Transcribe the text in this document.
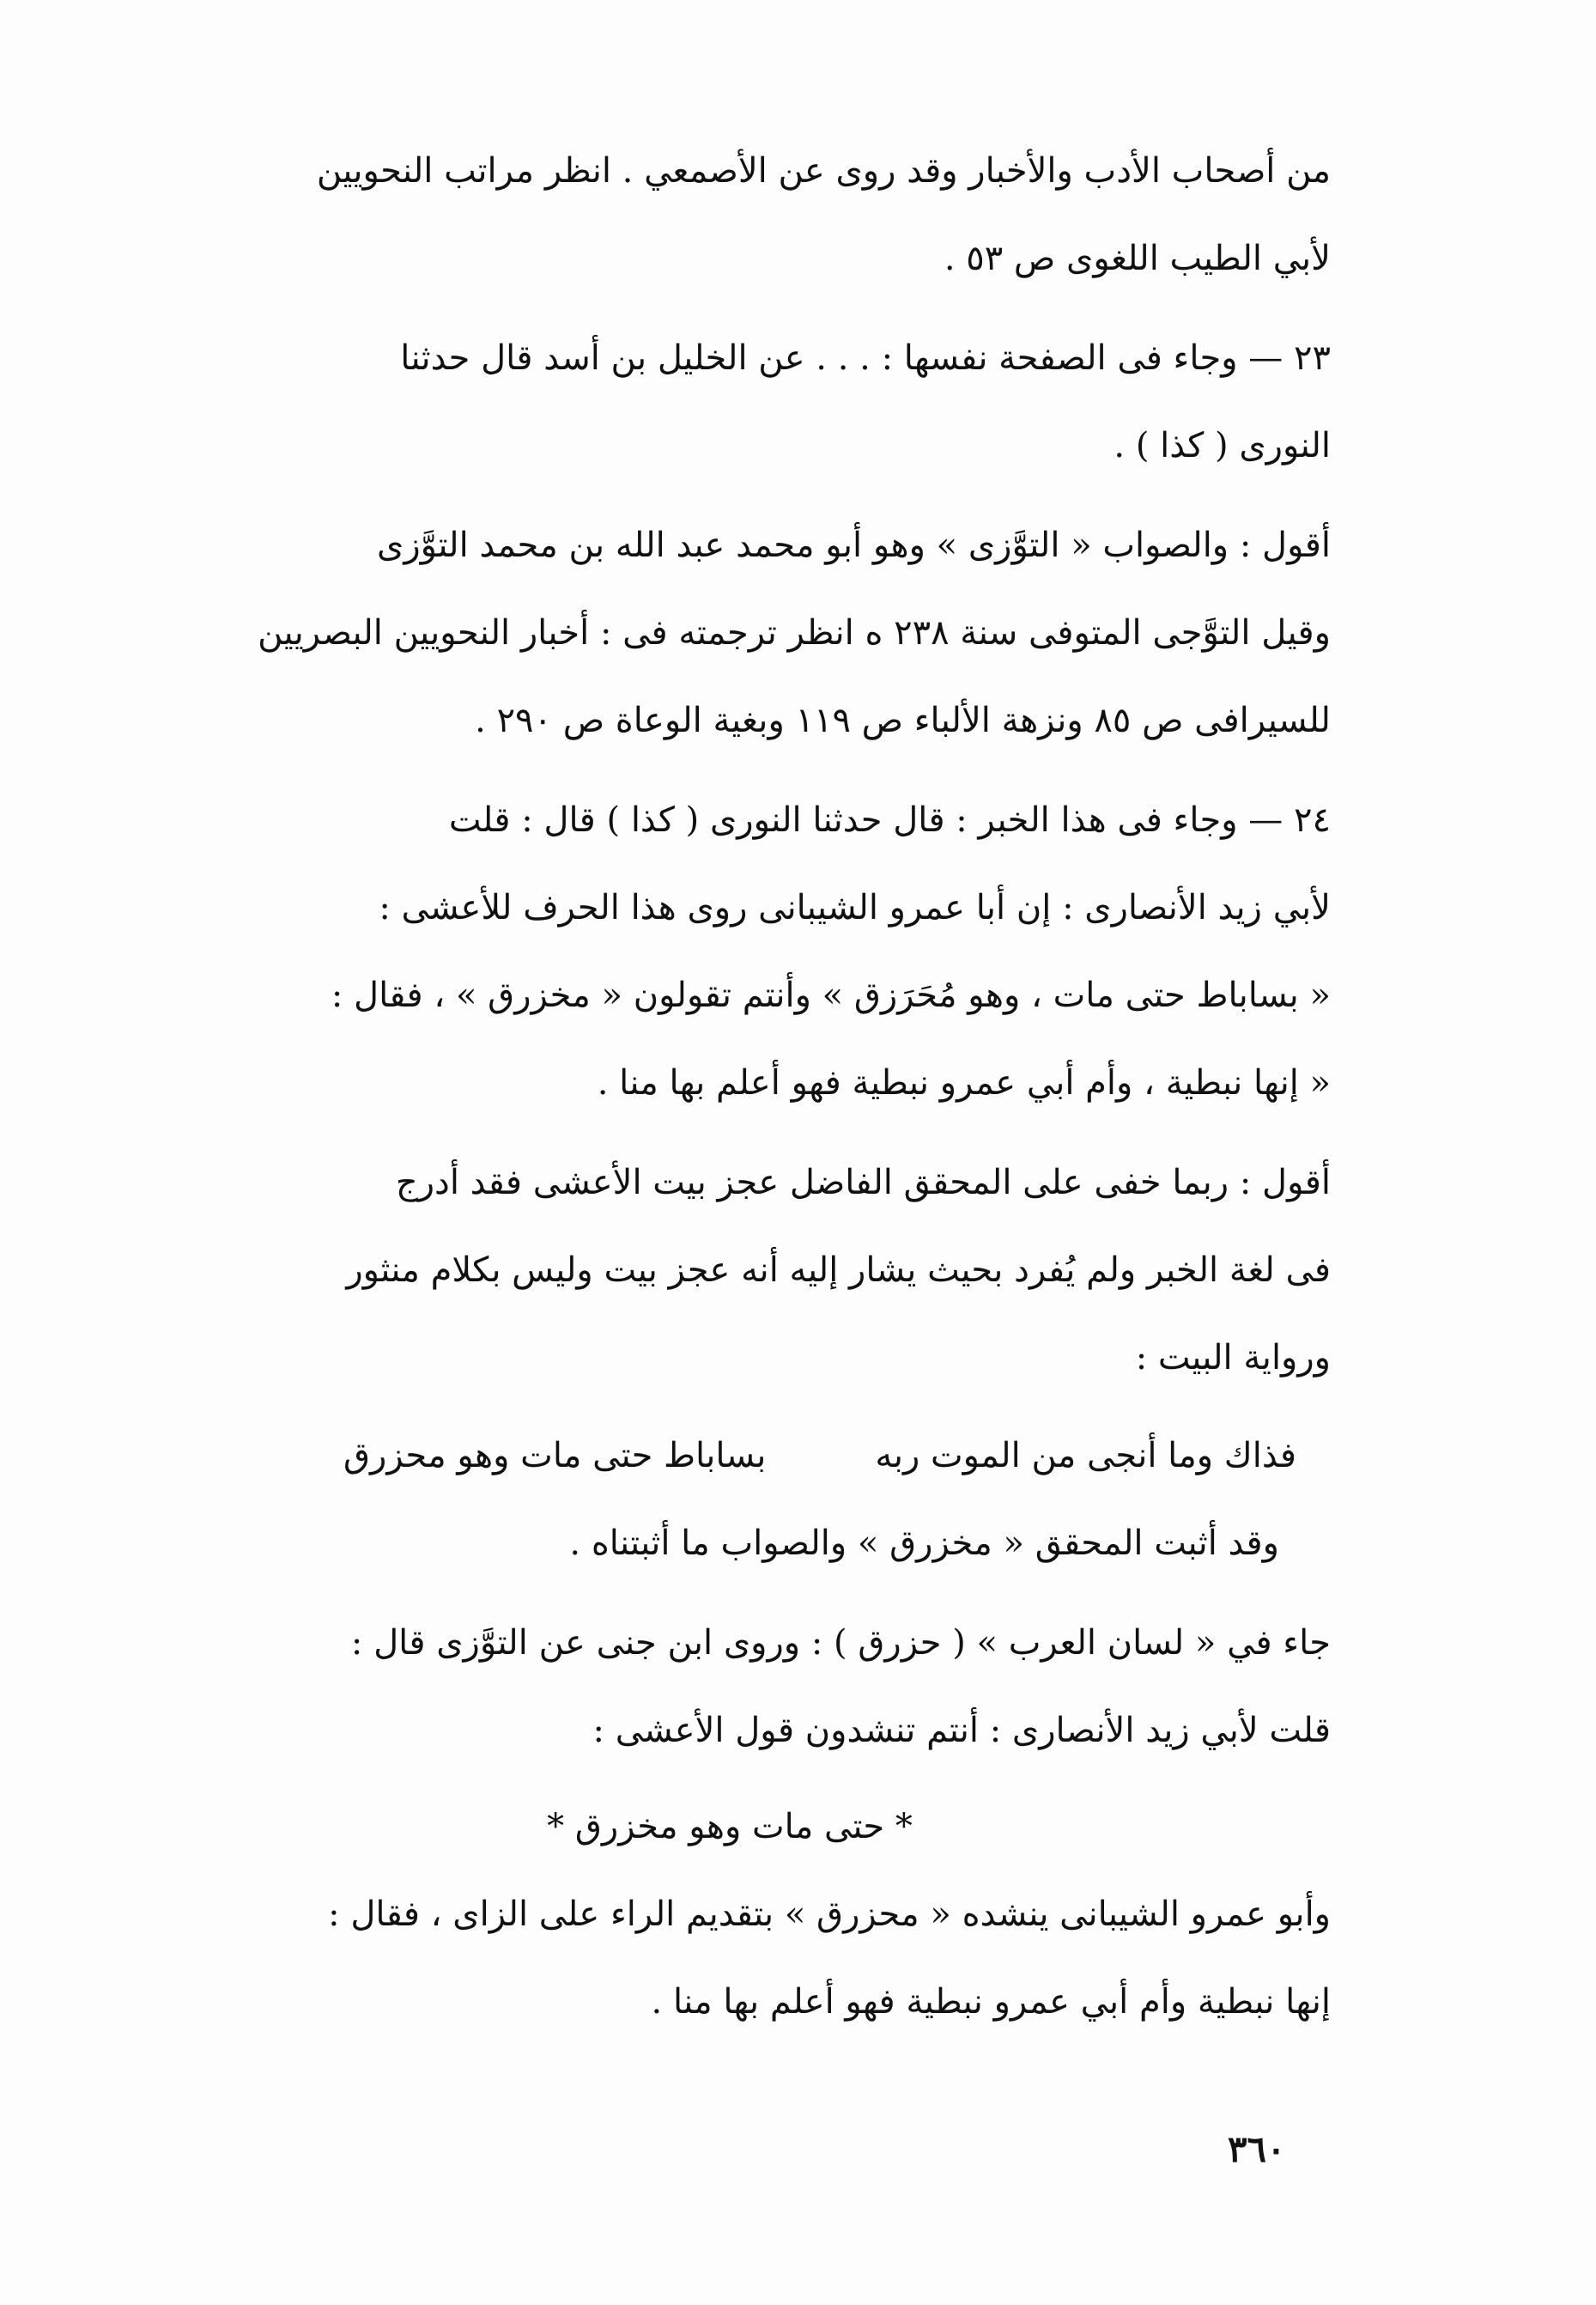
من أصحاب الأدب والأخبار وقد روى عن الأصمعي . انظر مراتب النحويين
لأبي الطيب اللغوى ص ٥٣ .

٢٣ — وجاء فى الصفحة نفسها : . . . عن الخليل بن أسد قال حدثنا
النورى ( كذا ) .

أقول : والصواب « التوَّزى » وهو أبو محمد عبد الله بن محمد التوَّزى
وقيل التوَّجى المتوفى سنة ٢٣٨ ه انظر ترجمته فى : أخبار النحويين البصريين
للسيرافى ص ٨٥ ونزهة الألباء ص ١١٩ وبغية الوعاة ص ٢٩٠ .

٢٤ — وجاء فى هذا الخبر : قال حدثنا النورى ( كذا ) قال : قلت
لأبي زيد الأنصارى : إن أبا عمرو الشيبانى روى هذا الحرف للأعشى :
« بساباط حتى مات ، وهو مُحَرَزق » وأنتم تقولون « مخزرق » ، فقال :
« إنها نبطية ، وأم أبي عمرو نبطية فهو أعلم بها منا .

أقول : ربما خفى على المحقق الفاضل عجز بيت الأعشى فقد أدرج
فى لغة الخبر ولم يُفرد بحيث يشار إليه أنه عجز بيت وليس بكلام منثور
ورواية البيت :

فذاك وما أنجى من الموت ربه
بساباط حتى مات وهو محزرق

وقد أثبت المحقق « مخزرق » والصواب ما أثبتناه .

جاء في « لسان العرب » ( حزرق ) : وروى ابن جنى عن التوَّزى قال :
قلت لأبي زيد الأنصارى : أنتم تنشدون قول الأعشى :

* حتى مات وهو مخزرق *

وأبو عمرو الشيبانى ينشده « محزرق » بتقديم الراء على الزاى ، فقال :
إنها نبطية وأم أبي عمرو نبطية فهو أعلم بها منا .

٣٦٠
